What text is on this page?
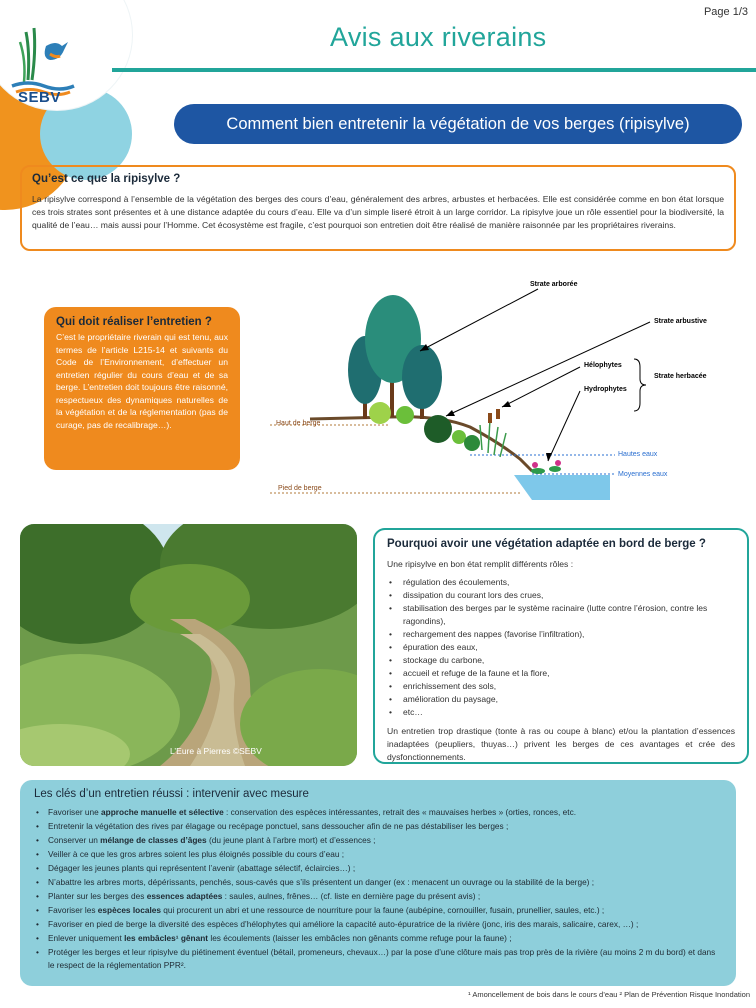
SEBV
Page 1/3
Avis aux riverains
Comment bien entretenir la végétation de vos berges (ripisylve)
Qu’est ce que la ripisylve ?
La ripisylve correspond à l’ensemble de la végétation des berges des cours d’eau, généralement des arbres, arbustes et herbacées. Elle est considérée comme en bon état lorsque ces trois strates sont présentes et à une distance adaptée du cours d’eau. Elle va d’un simple liseré étroit à un large corridor. La ripisylve joue un rôle essentiel pour la biodiversité, la qualité de l’eau… mais aussi pour l’Homme. Cet écosystème est fragile, c’est pourquoi son entretien doit être réalisé de manière raisonnée par les propriétaires riverains.
Qui doit réaliser l’entretien ?
C’est le propriétaire riverain qui est tenu, aux termes de l’article L215-14 et suivants du Code de l’Environnement, d’effectuer un entretien régulier du cours d’eau et de sa berge. L’entretien doit toujours être raisonné, respectueux des dynamiques naturelles de la végétation et de la réglementation (pas de curage, pas de recalibrage…).
Strate arborée
Strate arbustive
Hélophytes
Hydrophytes
Strate herbacée
Haut de berge
Pied de berge
Hautes eaux
Moyennes eaux
L’Eure à Pierres ©SEBV
Pourquoi avoir une végétation adaptée en bord de berge ?
Une ripisylve en bon état remplit différents rôles :
• régulation des écoulements,
• dissipation du courant lors des crues,
• stabilisation des berges par le système racinaire (lutte contre l’érosion, contre les ragondins),
• rechargement des nappes (favorise l’infiltration),
• épuration des eaux,
• stockage du carbone,
• accueil et refuge de la faune et la flore,
• enrichissement des sols,
• amélioration du paysage,
• etc…
Un entretien trop drastique (tonte à ras ou coupe à blanc) et/ou la plantation d’essences inadaptées (peupliers, thuyas…) privent les berges de ces avantages et crée des dysfonctionnements.
Les clés d’un entretien réussi : intervenir avec mesure
• Favoriser une approche manuelle et sélective : conservation des espèces intéressantes, retrait des « mauvaises herbes » (orties, ronces, etc.
• Entretenir la végétation des rives par élagage ou recépage ponctuel, sans dessoucher afin de ne pas déstabiliser les berges ;
• Conserver un mélange de classes d’âges (du jeune plant à l’arbre mort) et d’essences ;
• Veiller à ce que les gros arbres soient les plus éloignés possible du cours d’eau ;
• Dégager les jeunes plants qui représentent l’avenir (abattage sélectif, éclaircies…) ;
• N’abattre les arbres morts, dépérissants, penchés, sous-cavés que s’ils présentent un danger (ex : menacent un ouvrage ou la stabilité de la berge) ;
• Planter sur les berges des essences adaptées : saules, aulnes, frênes… (cf. liste en dernière page du présent avis) ;
• Favoriser les espèces locales qui procurent un abri et une ressource de nourriture pour la faune (aubépine, cornouiller, fusain, prunellier, saules, etc.) ;
• Favoriser en pied de berge la diversité des espèces d’hélophytes qui améliore la capacité auto-épuratrice de la rivière (jonc, iris des marais, salicaire, carex, …) ;
• Enlever uniquement les embâcles¹ gênant les écoulements (laisser les embâcles non gênants comme refuge pour la faune) ;
• Protéger les berges et leur ripisylve du piétinement éventuel (bétail, promeneurs, chevaux…) par la pose d’une clôture mais pas trop près de la rivière (au moins 2 m du bord) et dans le respect de la réglementation PPR².
¹ Amoncellement de bois dans le cours d’eau ² Plan de Prévention Risque Inondation
